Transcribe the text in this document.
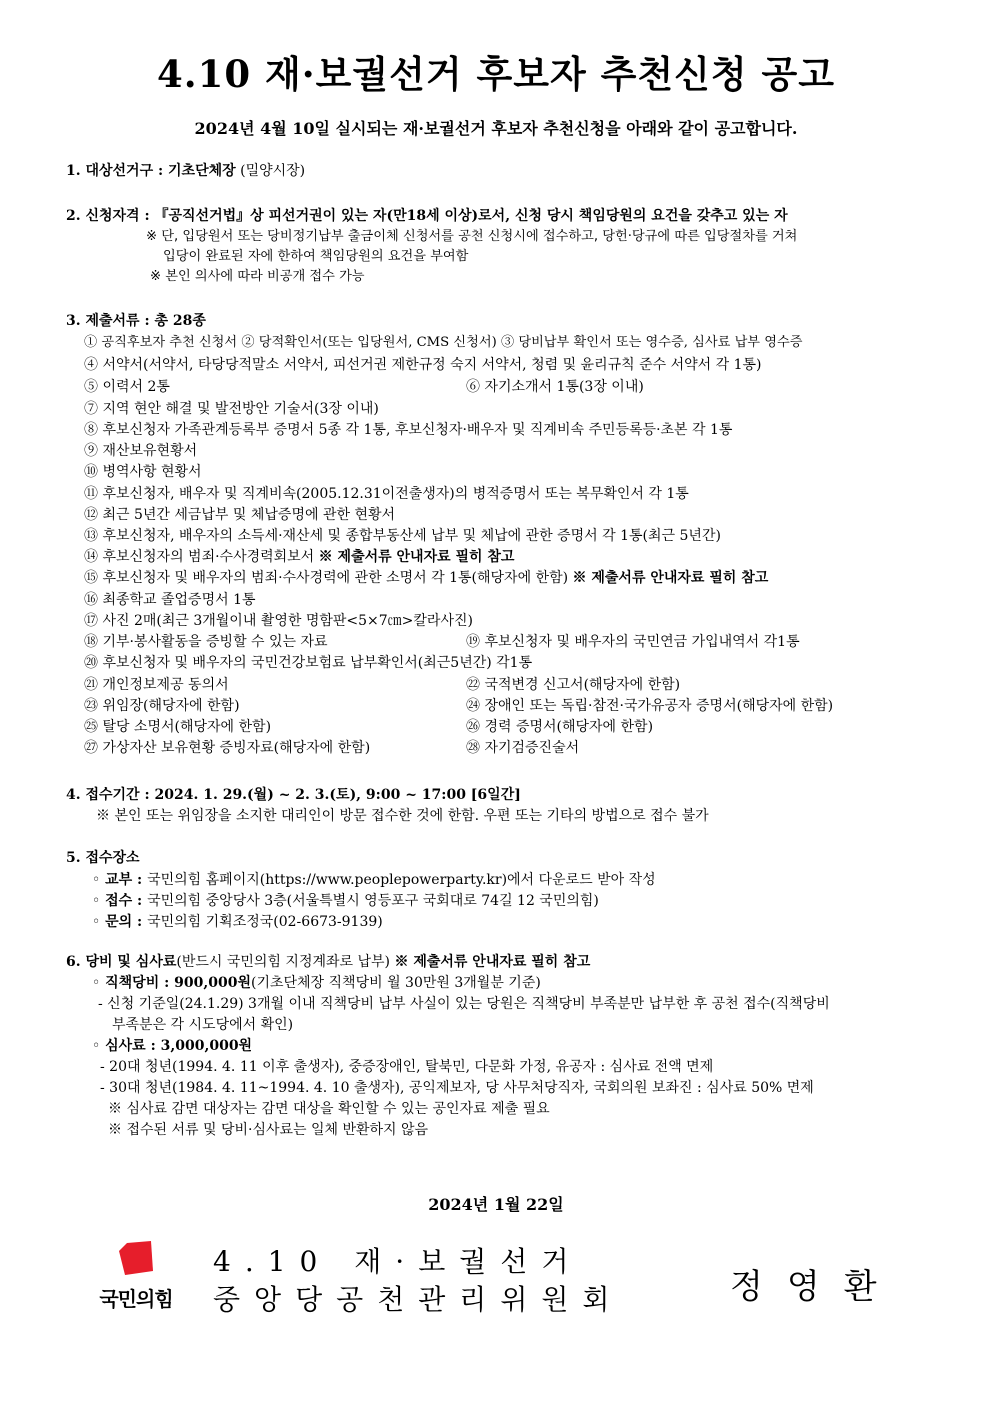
4.10 재·보궐선거 후보자 추천신청 공고
2024년 4월 10일 실시되는 재·보궐선거 후보자 추천신청을 아래와 같이 공고합니다.
1. 대상선거구 : 기초단체장 (밀양시장)
2. 신청자격 : 『공직선거법』상 피선거권이 있는 자(만18세 이상)로서, 신청 당시 책임당원의 요건을 갖추고 있는 자
※ 단, 입당원서 또는 당비정기납부 출금이체 신청서를 공천 신청시에 접수하고, 당헌·당규에 따른 입당절차를 거쳐
입당이 완료된 자에 한하여 책임당원의 요건을 부여함
※ 본인 의사에 따라 비공개 접수 가능
3. 제출서류 : 총 28종
① 공직후보자 추천 신청서 ② 당적확인서(또는 입당원서, CMS 신청서) ③ 당비납부 확인서 또는 영수증, 심사료 납부 영수증
④ 서약서(서약서, 타당당적말소 서약서, 피선거권 제한규정 숙지 서약서, 청렴 및 윤리규칙 준수 서약서 각 1통)
⑤ 이력서 2통	⑥ 자기소개서 1통(3장 이내)
⑦ 지역 현안 해결 및 발전방안 기술서(3장 이내)
⑧ 후보신청자 가족관계등록부 증명서 5종 각 1통, 후보신청자·배우자 및 직계비속 주민등록등·초본 각 1통
⑨ 재산보유현황서
⑩ 병역사항 현황서
⑪ 후보신청자, 배우자 및 직계비속(2005.12.31이전출생자)의 병적증명서 또는 복무확인서 각 1통
⑫ 최근 5년간 세금납부 및 체납증명에 관한 현황서
⑬ 후보신청자, 배우자의 소득세·재산세 및 종합부동산세 납부 및 체납에 관한 증명서 각 1통(최근 5년간)
⑭ 후보신청자의 범죄·수사경력회보서 ※ 제출서류 안내자료 필히 참고
⑮ 후보신청자 및 배우자의 범죄·수사경력에 관한 소명서 각 1통(해당자에 한함) ※ 제출서류 안내자료 필히 참고
⑯ 최종학교 졸업증명서 1통
⑰ 사진 2매(최근 3개월이내 촬영한 명함판<5×7㎝>칼라사진)
⑱ 기부·봉사활동을 증빙할 수 있는 자료	⑲ 후보신청자 및 배우자의 국민연금 가입내역서 각1통
⑳ 후보신청자 및 배우자의 국민건강보험료 납부확인서(최근5년간) 각1통
㉑ 개인정보제공 동의서	㉒ 국적변경 신고서(해당자에 한함)
㉓ 위임장(해당자에 한함)	㉔ 장애인 또는 독립·참전·국가유공자 증명서(해당자에 한함)
㉕ 탈당 소명서(해당자에 한함)	㉖ 경력 증명서(해당자에 한함)
㉗ 가상자산 보유현황 증빙자료(해당자에 한함)	㉘ 자기검증진술서
4. 접수기간 : 2024. 1. 29.(월) ~ 2. 3.(토), 9:00 ~ 17:00 [6일간]
※ 본인 또는 위임장을 소지한 대리인이 방문 접수한 것에 한함. 우편 또는 기타의 방법으로 접수 불가
5. 접수장소
◦ 교부 : 국민의힘 홈페이지(https://www.peoplepowerparty.kr)에서 다운로드 받아 작성
◦ 접수 : 국민의힘 중앙당사 3층(서울특별시 영등포구 국회대로 74길 12 국민의힘)
◦ 문의 : 국민의힘 기획조정국(02-6673-9139)
6. 당비 및 심사료(반드시 국민의힘 지정계좌로 납부) ※ 제출서류 안내자료 필히 참고
◦ 직책당비 : 900,000원(기초단체장 직책당비 월 30만원 3개월분 기준)
- 신청 기준일(24.1.29) 3개월 이내 직책당비 납부 사실이 있는 당원은 직책당비 부족분만 납부한 후 공천 접수(직책당비
부족분은 각 시도당에서 확인)
◦ 심사료 : 3,000,000원
- 20대 청년(1994. 4. 11 이후 출생자), 중증장애인, 탈북민, 다문화 가정, 유공자 : 심사료 전액 면제
- 30대 청년(1984. 4. 11~1994. 4. 10 출생자), 공익제보자, 당 사무처당직자, 국회의원 보좌진 : 심사료 50% 면제
※ 심사료 감면 대상자는 감면 대상을 확인할 수 있는 공인자료 제출 필요
※ 접수된 서류 및 당비·심사료는 일체 반환하지 않음
2024년 1월 22일
국민의힘
4.10 재·보궐선거
중앙당공천관리위원회	정영환
